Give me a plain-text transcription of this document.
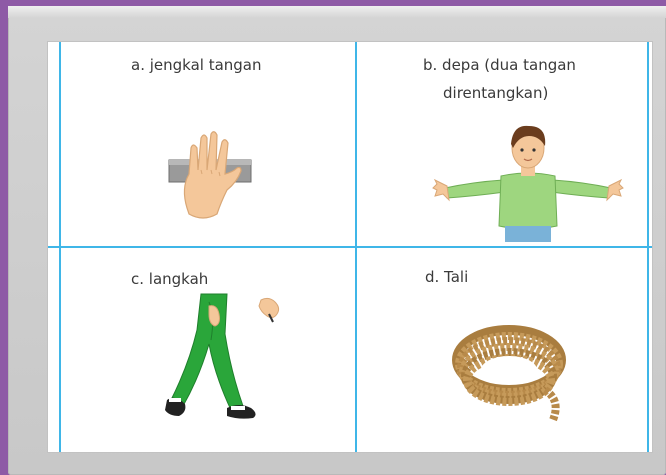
a. jengkal tangan	b. depa (dua tangan
direntangkan)
c. langkah	d. Tali
